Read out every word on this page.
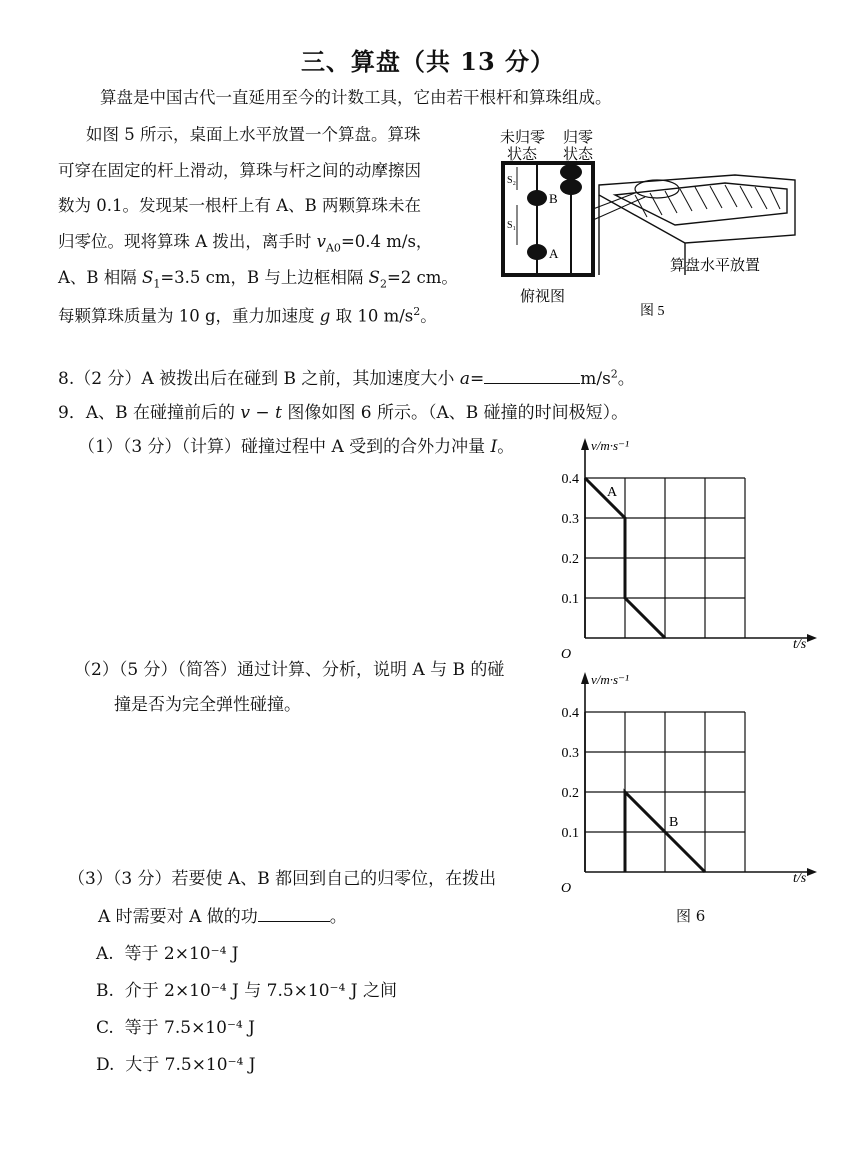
三、算盘（共 13 分）
算盘是中国古代一直延用至今的计数工具，它由若干根杆和算珠组成。
如图 5 所示，桌面上水平放置一个算盘。算珠
可穿在固定的杆上滑动，算珠与杆之间的动摩擦因
数为 0.1。发现某一根杆上有 A、B 两颗算珠未在
归零位。现将算珠 A 拨出，离手时 $v_{A0}=0.4$ m/s，
A、B 相隔 $S_1=3.5$ cm，B 与上边框相隔 $S_2=2$ cm。
每颗算珠质量为 10 g，重力加速度 g 取 10 $m/s^2$。
未归零
状态
归零
状态
S₂
S₁
B
A
俯视图
算盘水平放置
图 5
8.（2 分）A 被拨出后在碰到 B 之前，其加速度大小 a=	$m/s^2$。
9．A、B 在碰撞前后的 v − t 图像如图 6 所示。（A、B 碰撞的时间极短）。
（1）（3 分）（计算）碰撞过程中 A 受到的合外力冲量 I。
（2）（5 分）（简答）通过计算、分析，说明 A 与 B 的碰
撞是否为完全弹性碰撞。
（3）（3 分）若要使 A、B 都回到自己的归零位，在拨出
A 时需要对 A 做的功	。
A. 等于 2×10⁻⁴ J
B. 介于 2×10⁻⁴ J 与 7.5×10⁻⁴ J 之间
C. 等于 7.5×10⁻⁴ J
D. 大于 7.5×10⁻⁴ J
v/m·s⁻¹
t/s
O
0.4
0.3
0.2
0.1
A
v/m·s⁻¹
t/s
O
0.4
0.3
0.2
0.1
B
图 6
